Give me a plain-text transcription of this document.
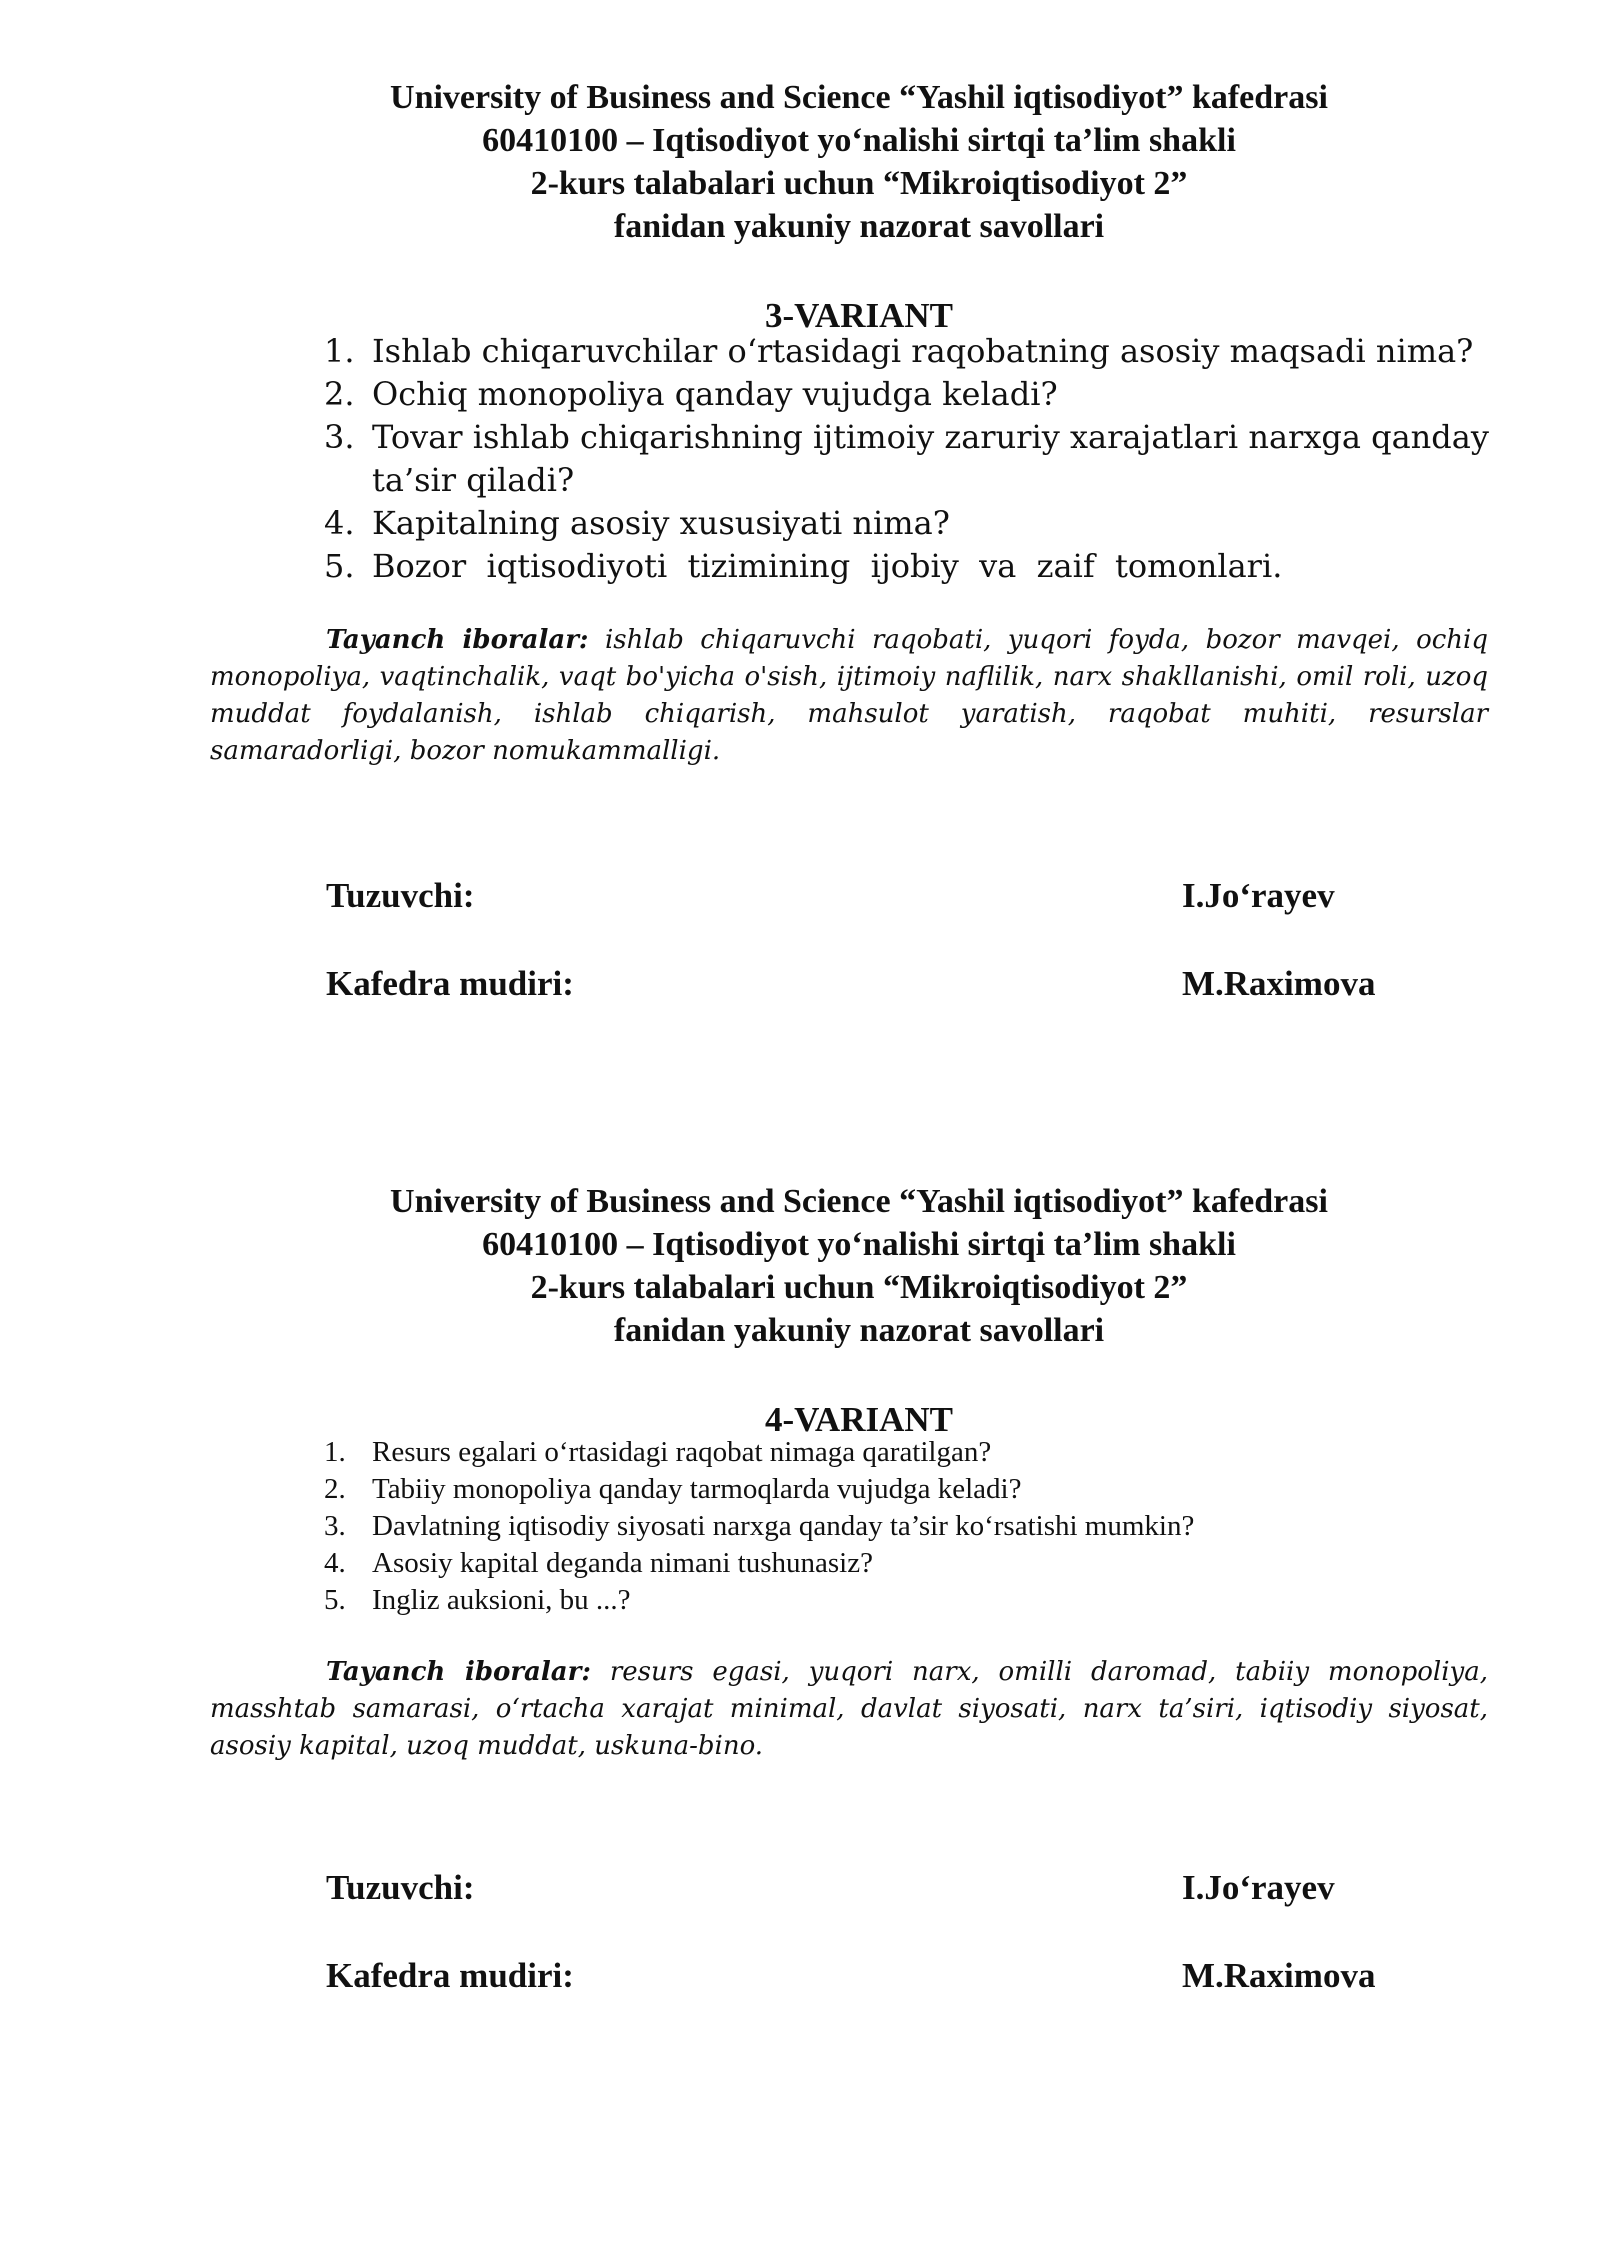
University of Business and Science “Yashil iqtisodiyot” kafedrasi
60410100 – Iqtisodiyot yo‘nalishi sirtqi ta’lim shakli
2-kurs talabalari uchun “Mikroiqtisodiyot 2”
fanidan yakuniy nazorat savollari
3-VARIANT
1. Ishlab chiqaruvchilar o‘rtasidagi raqobatning asosiy maqsadi nima?
2. Ochiq monopoliya qanday vujudga keladi?
3. Tovar ishlab chiqarishning ijtimoiy zaruriy xarajatlari narxga qanday ta’sir qiladi?
4. Kapitalning asosiy xususiyati nima?
5. Bozor  iqtisodiyoti  tizimining  ijobiy  va  zaif  tomonlari.

Tayanch iboralar: ishlab chiqaruvchi raqobati, yuqori foyda, bozor mavqei, ochiq monopoliya, vaqtinchalik, vaqt bo'yicha o'sish, ijtimoiy naflilik, narx shakllanishi, omil roli, uzoq muddat foydalanish, ishlab chiqarish, mahsulot yaratish, raqobat muhiti, resurslar samaradorligi, bozor nomukammalligi.

Tuzuvchi:	I.Jo‘rayev
Kafedra mudiri:	M.Raximova
University of Business and Science “Yashil iqtisodiyot” kafedrasi
60410100 – Iqtisodiyot yo‘nalishi sirtqi ta’lim shakli
2-kurs talabalari uchun “Mikroiqtisodiyot 2”
fanidan yakuniy nazorat savollari
4-VARIANT
1. Resurs egalari o‘rtasidagi raqobat nimaga qaratilgan?
2. Tabiiy monopoliya qanday tarmoqlarda vujudga keladi?
3. Davlatning iqtisodiy siyosati narxga qanday ta’sir ko‘rsatishi mumkin?
4. Asosiy kapital deganda nimani tushunasiz?
5. Ingliz auksioni, bu ...?

Tayanch iboralar: resurs egasi, yuqori narx, omilli daromad, tabiiy monopoliya, masshtab samarasi, o‘rtacha xarajat minimal, davlat siyosati, narx ta’siri, iqtisodiy siyosat, asosiy kapital, uzoq muddat, uskuna-bino.

Tuzuvchi:	I.Jo‘rayev
Kafedra mudiri:	M.Raximova
